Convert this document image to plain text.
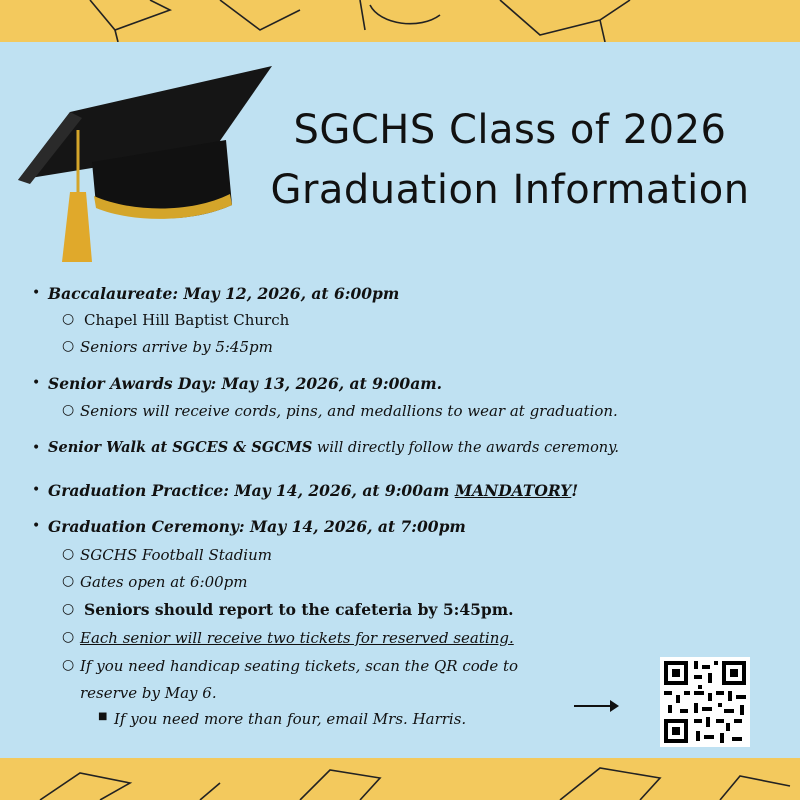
SGCHS Class of 2026
Graduation Information
• Baccalaureate: May 12, 2026, at 6:00pm
○ Chapel Hill Baptist Church
○ Seniors arrive by 5:45pm
• Senior Awards Day: May 13, 2026, at 9:00am.
○ Seniors will receive cords, pins, and medallions to wear at graduation.
• Senior Walk at SGCES & SGCMS will directly follow the awards ceremony.
• Graduation Practice: May 14, 2026, at 9:00am MANDATORY!
• Graduation Ceremony: May 14, 2026, at 7:00pm
○ SGCHS Football Stadium
○ Gates open at 6:00pm
○ Seniors should report to the cafeteria by 5:45pm.
○ Each senior will receive two tickets for reserved seating.
○ If you need handicap seating tickets, scan the QR code to
reserve by May 6.
■ If you need more than four, email Mrs. Harris.
